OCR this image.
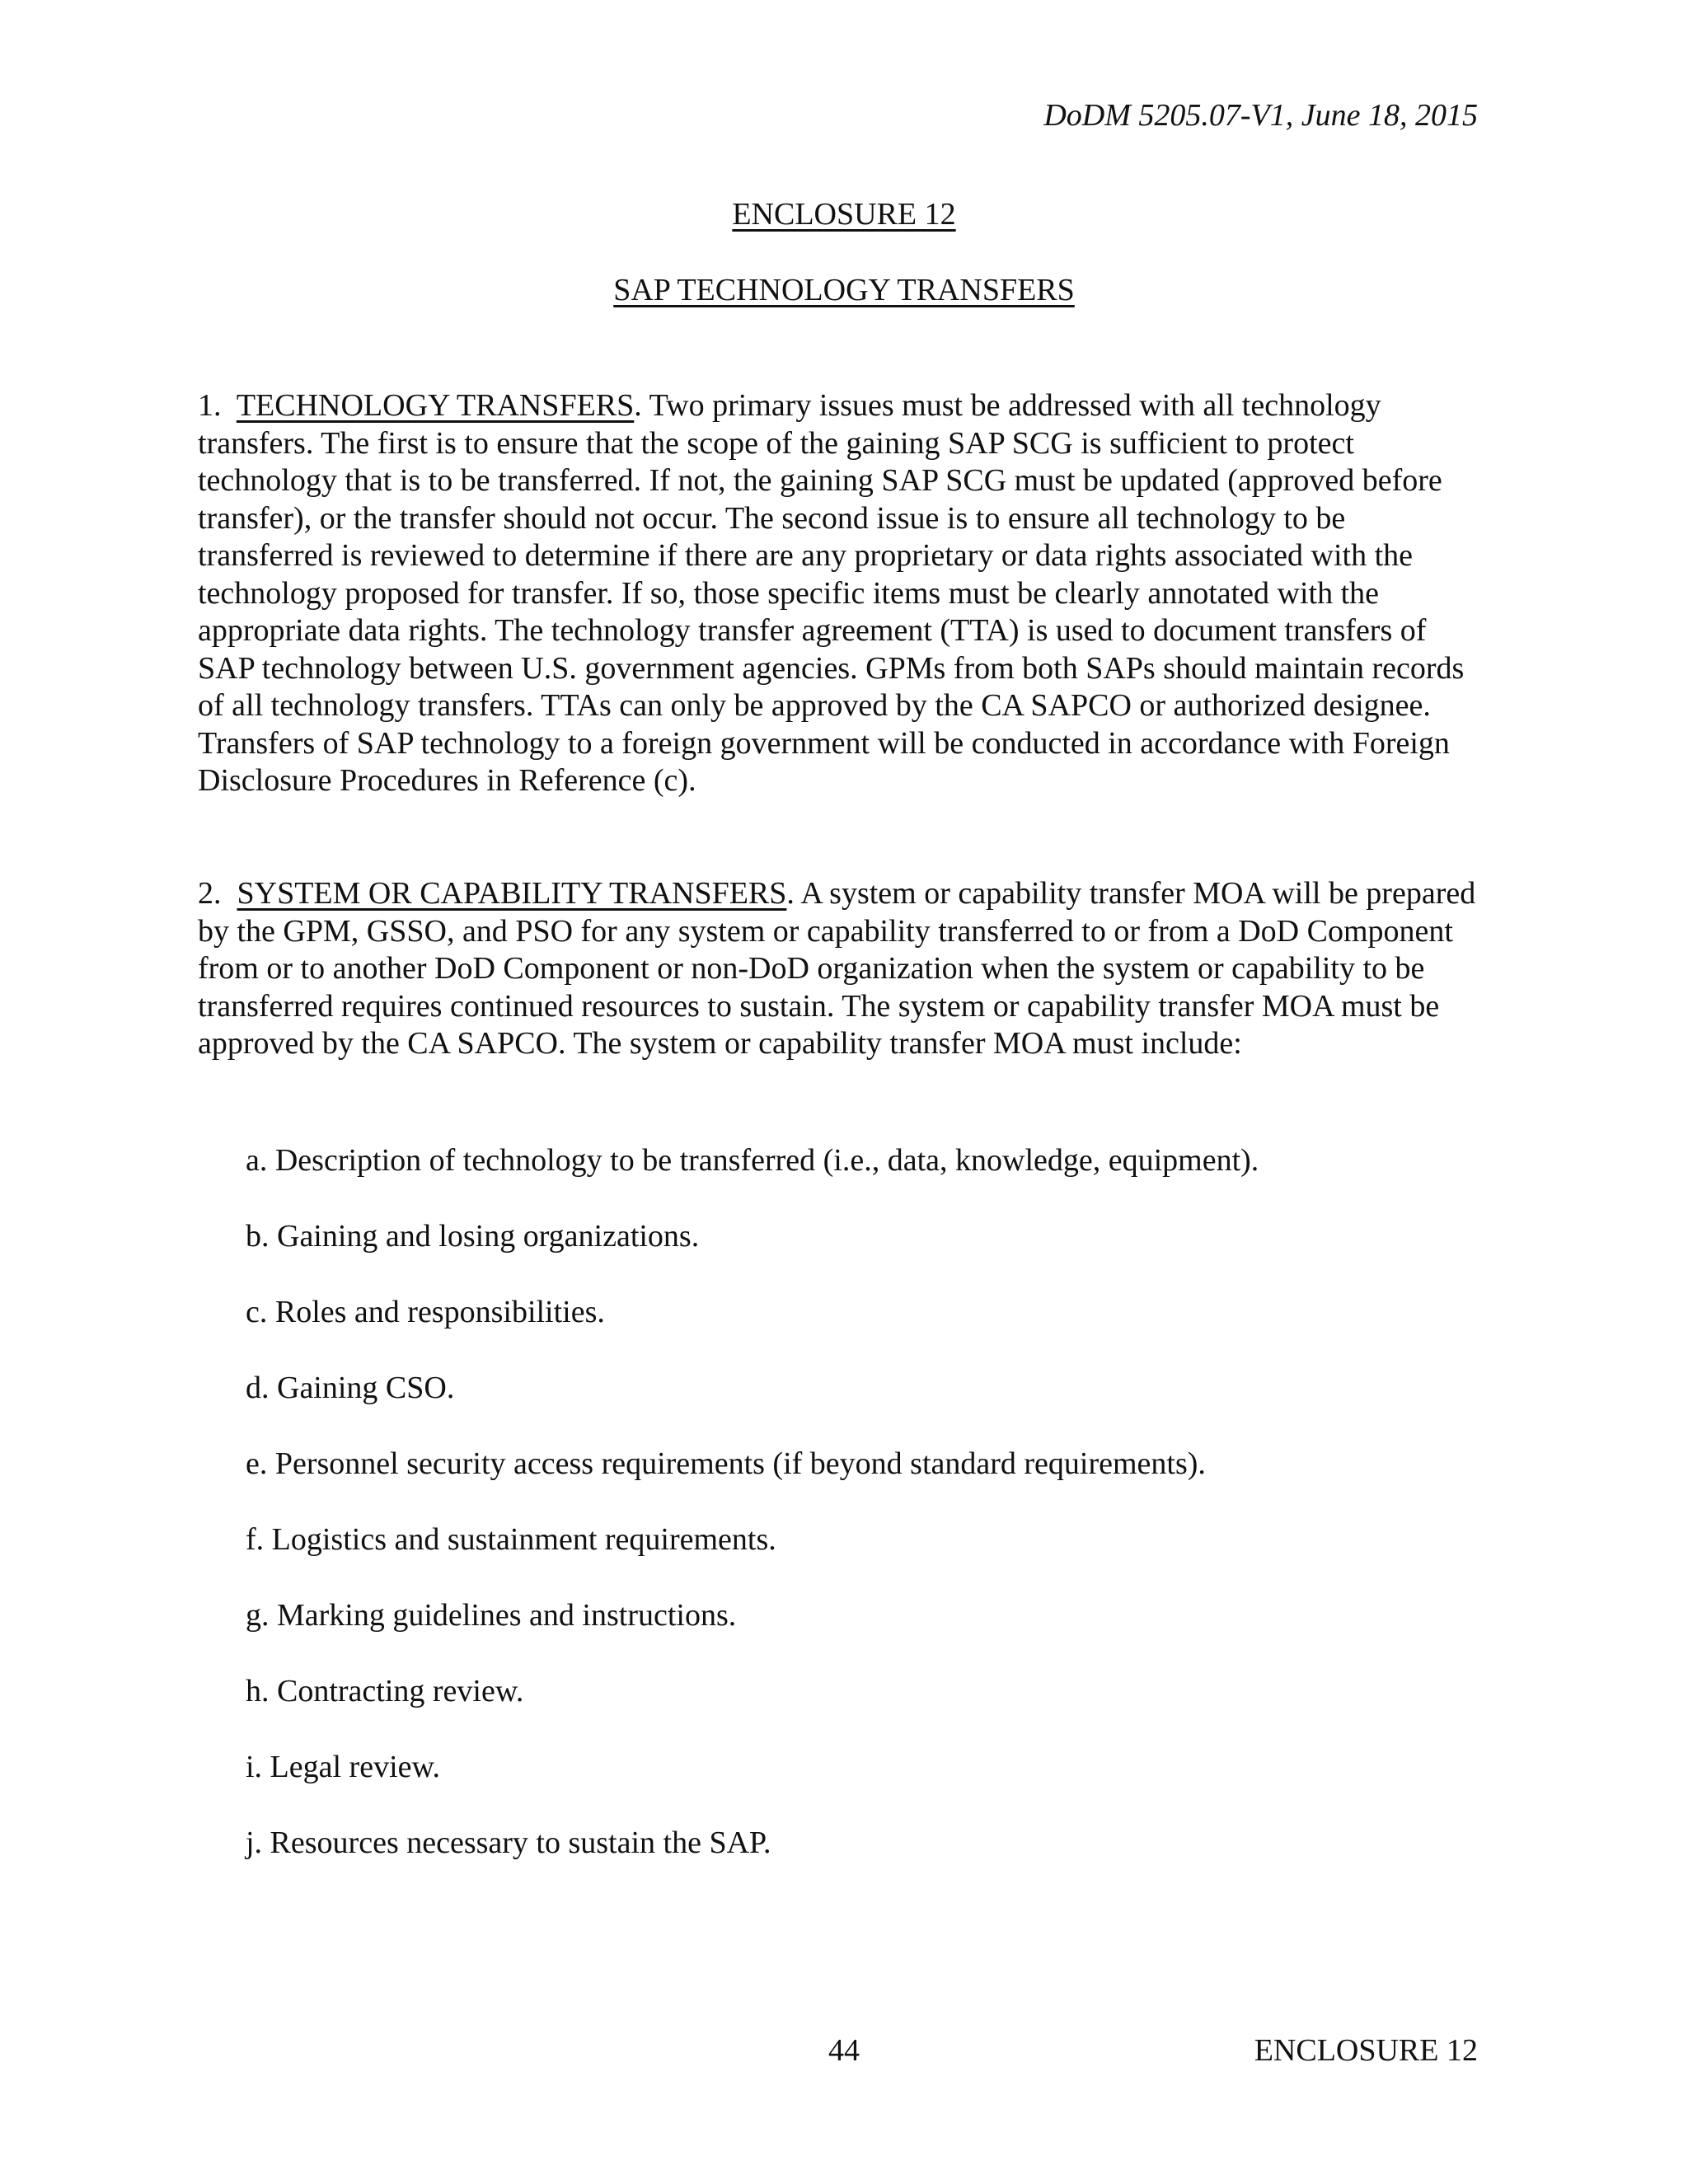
DoDM 5205.07-V1, June 18, 2015
ENCLOSURE 12
SAP TECHNOLOGY TRANSFERS
1. TECHNOLOGY TRANSFERS. Two primary issues must be addressed with all technology transfers. The first is to ensure that the scope of the gaining SAP SCG is sufficient to protect technology that is to be transferred. If not, the gaining SAP SCG must be updated (approved before transfer), or the transfer should not occur. The second issue is to ensure all technology to be transferred is reviewed to determine if there are any proprietary or data rights associated with the technology proposed for transfer. If so, those specific items must be clearly annotated with the appropriate data rights. The technology transfer agreement (TTA) is used to document transfers of SAP technology between U.S. government agencies. GPMs from both SAPs should maintain records of all technology transfers. TTAs can only be approved by the CA SAPCO or authorized designee. Transfers of SAP technology to a foreign government will be conducted in accordance with Foreign Disclosure Procedures in Reference (c).
2. SYSTEM OR CAPABILITY TRANSFERS. A system or capability transfer MOA will be prepared by the GPM, GSSO, and PSO for any system or capability transferred to or from a DoD Component from or to another DoD Component or non-DoD organization when the system or capability to be transferred requires continued resources to sustain. The system or capability transfer MOA must be approved by the CA SAPCO. The system or capability transfer MOA must include:
a. Description of technology to be transferred (i.e., data, knowledge, equipment).
b. Gaining and losing organizations.
c. Roles and responsibilities.
d. Gaining CSO.
e. Personnel security access requirements (if beyond standard requirements).
f. Logistics and sustainment requirements.
g. Marking guidelines and instructions.
h. Contracting review.
i. Legal review.
j. Resources necessary to sustain the SAP.
44	ENCLOSURE 12
